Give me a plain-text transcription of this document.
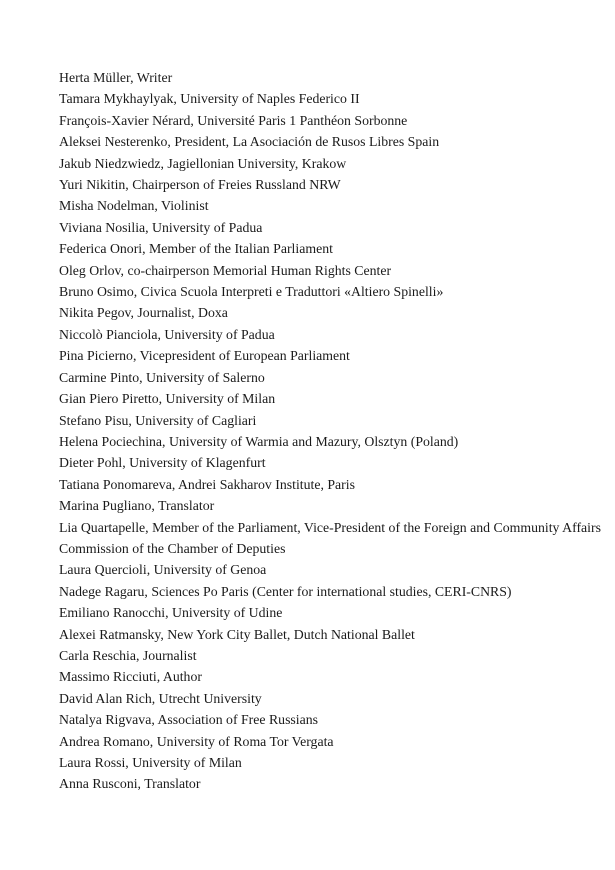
Herta Müller, Writer

Tamara Mykhaylyak, University of Naples Federico II

François-Xavier Nérard, Université Paris 1 Panthéon Sorbonne

Aleksei Nesterenko, President, La Asociación de Rusos Libres Spain

Jakub Niedzwiedz, Jagiellonian University, Krakow

Yuri Nikitin, Chairperson of Freies Russland NRW

Misha Nodelman, Violinist

Viviana Nosilia, University of Padua

Federica Onori, Member of the Italian Parliament

Oleg Orlov, co-chairperson Memorial Human Rights Center

Bruno Osimo, Civica Scuola Interpreti e Traduttori «Altiero Spinelli»

Nikita Pegov, Journalist, Doxa

Niccolò Pianciola, University of Padua

Pina Picierno, Vicepresident of European Parliament

Carmine Pinto, University of Salerno

Gian Piero Piretto, University of Milan

Stefano Pisu, University of Cagliari

Helena Pociechina, University of Warmia and Mazury, Olsztyn (Poland)

Dieter Pohl, University of Klagenfurt

Tatiana Ponomareva, Andrei Sakharov Institute, Paris

Marina Pugliano, Translator

Lia Quartapelle, Member of the Parliament, Vice-President of the Foreign and Community Affairs

Commission of the Chamber of Deputies

Laura Quercioli, University of Genoa

Nadege Ragaru, Sciences Po Paris (Center for international studies, CERI-CNRS)

Emiliano Ranocchi, University of Udine

Alexei Ratmansky, New York City Ballet, Dutch National Ballet

Carla Reschia, Journalist

Massimo Ricciuti, Author

David Alan Rich, Utrecht University

Natalya Rigvava, Association of Free Russians

Andrea Romano, University of Roma Tor Vergata

Laura Rossi, University of Milan

Anna Rusconi, Translator
